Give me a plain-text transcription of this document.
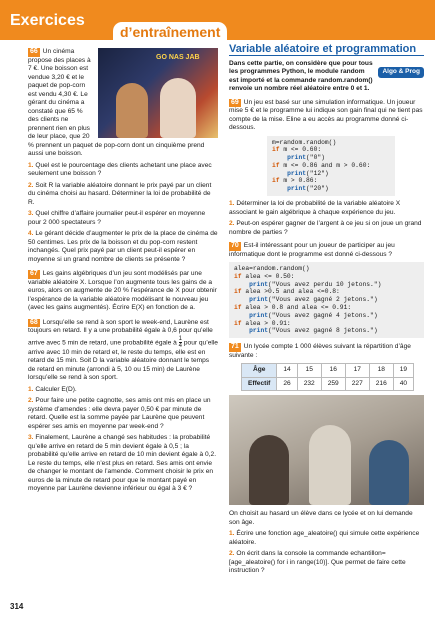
Exercices
d’entraînement
GO NAS JAB

66 Un cinéma propose des places à 7 €. Une boisson est vendue 3,20 € et le paquet de pop-corn est vendu 4,30 €. Le gérant du cinéma a constaté que 65 % des clients ne prennent rien en plus de leur place, que 20 % prennent un paquet de pop-corn dont un cinquième prend aussi une boisson.

1. Quel est le pourcentage des clients achetant une place avec seulement une boisson ?

2. Soit R la variable aléatoire donnant le prix payé par un client du cinéma choisi au hasard. Déterminer la loi de probabilité de R.

3. Quel chiffre d’affaire journalier peut-il espérer en moyenne pour 2 000 spectateurs ?

4. Le gérant décide d’augmenter le prix de la place de cinéma de 50 centimes. Les prix de la boisson et du pop-corn restent inchangés. Quel prix payé par un client peut-il espérer en moyenne si un grand nombre de clients se présente ?

67 Les gains algébriques d’un jeu sont modélisés par une variable aléatoire X. Lorsque l’on augmente tous les gains de a euros, alors on augmente de 20 % l’espérance de X pour obtenir l’espérance de la variable aléatoire modélisant le nouveau jeu (avec les gains augmentés). Écrire E(X) en fonction de a.

68 Lorsqu’elle se rend à son sport le week-end, Laurène est toujours en retard. Il y a une probabilité égale à 0,6 pour qu’elle arrive avec 5 min de retard, une probabilité égale à $\frac{1}{4}$ pour qu’elle arrive avec 10 min de retard et, le reste du temps, elle est en retard de 15 min. Soit D la variable aléatoire donnant le temps de retard en minute (arrondi à 5, 10 ou 15 min) de Laurène lorsqu’elle se rend à son sport.

1. Calculer E(D).

2. Pour faire une petite cagnotte, ses amis ont mis en place un système d’amendes : elle devra payer 0,50 € par minute de retard. Quelle est la somme payée par Laurène que peuvent espérer ses amis en moyenne par week-end ?

3. Finalement, Laurène a changé ses habitudes : la probabilité qu’elle arrive en retard de 5 min devient égale à 0,5 ; la probabilité qu’elle arrive en retard de 10 min devient égale à 0,2. Le reste du temps, elle n’est plus en retard. Ses amis ont envie de changer le montant de l’amende. Comment choisir le prix en euros de la minute de retard pour que le montant payé en moyenne par Laurène devienne inférieur ou égal à 3 € ?

Variable aléatoire et programmation
Algo & Prog

Dans cette partie, on considère que pour tous les programmes Python, le module random est importé et la commande random.random() renvoie un nombre réel aléatoire entre 0 et 1.

69 Un jeu est basé sur une simulation informatique. Un joueur mise 5 € et le programme lui indique son gain final qui ne tient pas compte de la mise. Eline a eu accès au programme donné ci-dessous.

m=random.random()
if m <= 0.60:
print("0")
if m <= 0.86 and m > 0.60:
print("12")
if m > 0.86:
print("20")

1. Déterminer la loi de probabilité de la variable aléatoire X associant le gain algébrique à chaque expérience du jeu.

2. Peut-on espérer gagner de l’argent à ce jeu si on joue un grand nombre de parties ?

70 Est-il intéressant pour un joueur de participer au jeu informatique dont le programme est donné ci-dessous ?

alea=random.random()
if alea <= 0.50:
print("Vous avez perdu 10 jetons.")
if alea >0.5 and alea <=0.8:
print("Vous avez gagné 2 jetons.")
if alea > 0.8 and alea <= 0.91:
print("Vous avez gagné 4 jetons.")
if alea > 0.91:
print("Vous avez gagné 8 jetons.")

71 Un lycée compte 1 000 élèves suivant la répartition d’âge suivante :

Âge	14	15	16	17	18	19
Effectif	26	232	259	227	216	40

On choisit au hasard un élève dans ce lycée et on lui demande son âge.

1. Écrire une fonction age_aleatoire() qui simule cette expérience aléatoire.

2. On écrit dans la console la commande echantillon=[age_aleatoire() for i in range(10)]. Que permet de faire cette instruction ?

314
